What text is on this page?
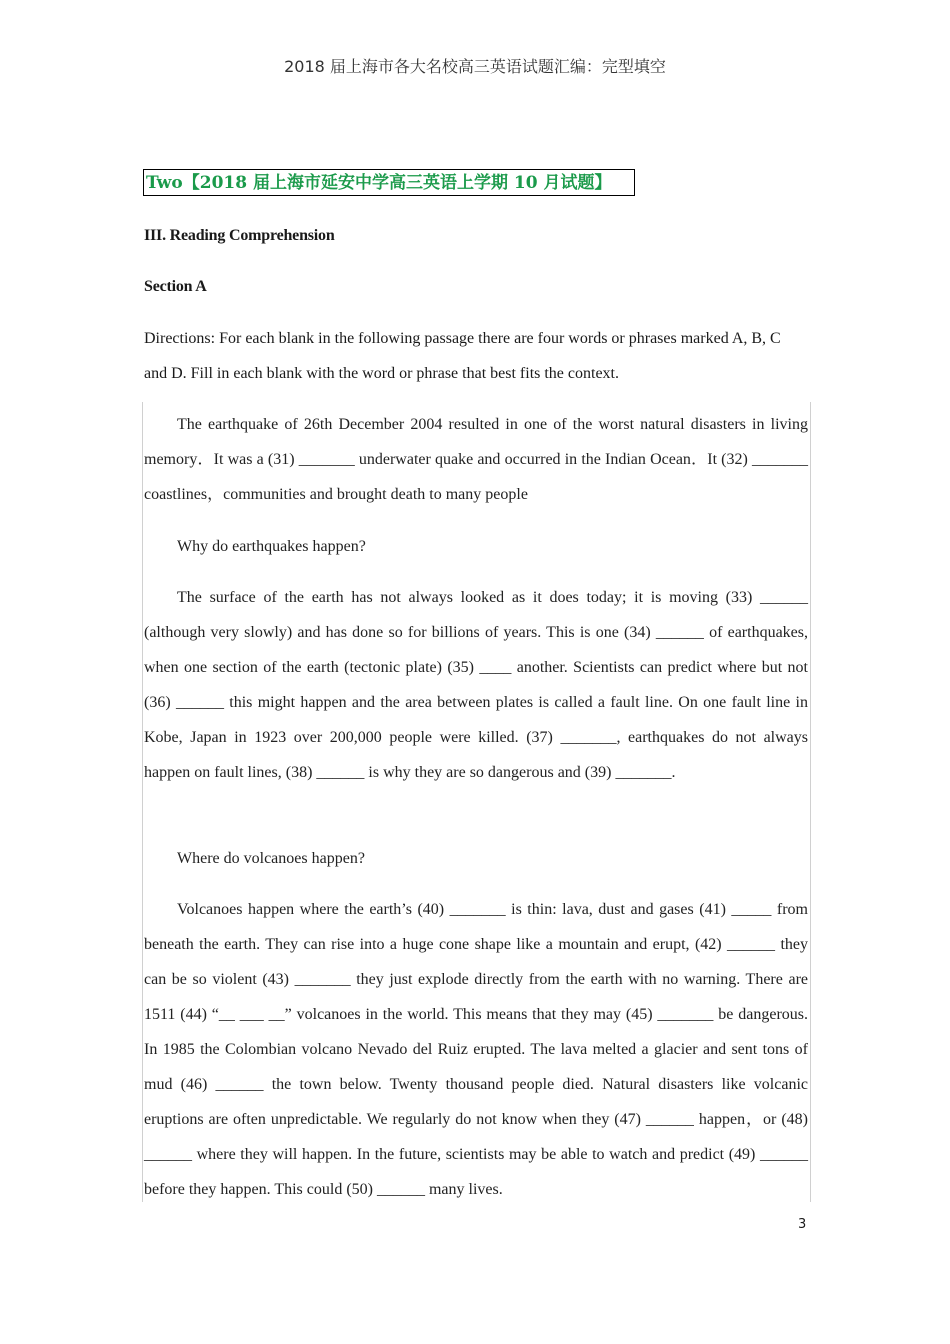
2018 届上海市各大名校高三英语试题汇编：完型填空
Two【2018 届上海市延安中学高三英语上学期 10 月试题】
III. Reading Comprehension
Section A
Directions: For each blank in the following passage there are four words or phrases marked A, B, C and D. Fill in each blank with the word or phrase that best fits the context.
The earthquake of 26th December 2004 resulted in one of the worst natural disasters in living memory．It was a (31) _______ underwater quake and occurred in the Indian Ocean．It (32) _______ coastlines，communities and brought death to many people
Why do earthquakes happen?
The surface of the earth has not always looked as it does today; it is moving (33) ______ (although very slowly) and has done so for billions of years. This is one (34) ______ of earthquakes, when one section of the earth (tectonic plate) (35) ____ another. Scientists can predict where but not (36) ______ this might happen and the area between plates is called a fault line. On one fault line in Kobe, Japan in 1923 over 200,000 people were killed. (37) _______, earthquakes do not always happen on fault lines, (38) ______ is why they are so dangerous and (39) _______.
Where do volcanoes happen?
Volcanoes happen where the earth’s (40) _______ is thin: lava, dust and gases (41) _____ from beneath the earth. They can rise into a huge cone shape like a mountain and erupt, (42) ______ they can be so violent (43) _______ they just explode directly from the earth with no warning. There are 1511 (44) “__ ___ __” volcanoes in the world. This means that they may (45) _______ be dangerous. In 1985 the Colombian volcano Nevado del Ruiz erupted. The lava melted a glacier and sent tons of mud (46) ______ the town below. Twenty thousand people died. Natural disasters like volcanic eruptions are often unpredictable. We regularly do not know when they (47) ______ happen，or (48) ______ where they will happen. In the future, scientists may be able to watch and predict (49) ______ before they happen. This could (50) ______ many lives.
3
